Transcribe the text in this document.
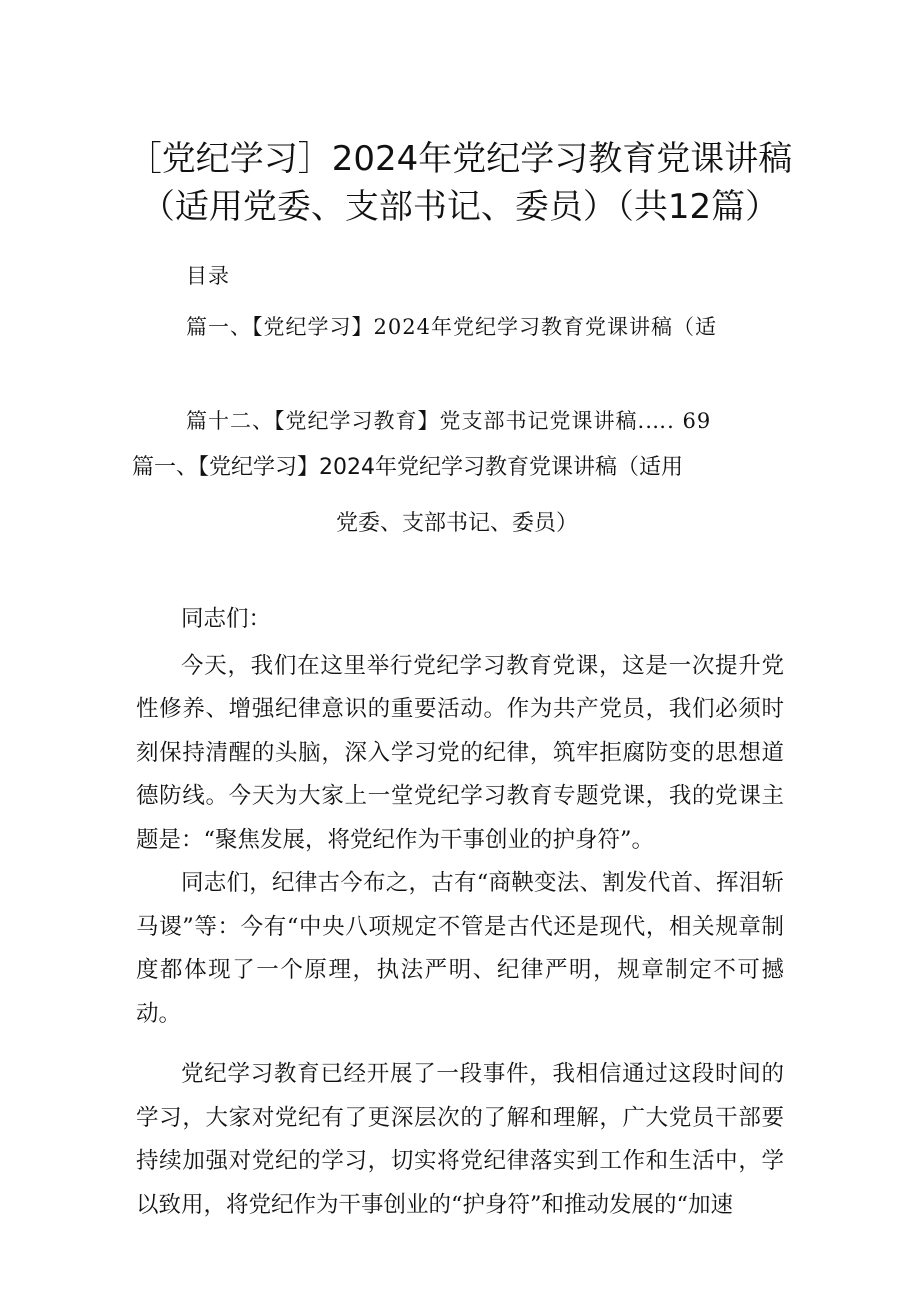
［党纪学习］2024年党纪学习教育党课讲稿
（适用党委、支部书记、委员）（共12篇）
目录
篇一、【党纪学习】2024年党纪学习教育党课讲稿（适
篇十二、【党纪学习教育】党支部书记党课讲稿.…. 69
篇一、【党纪学习】2024年党纪学习教育党课讲稿（适用
党委、支部书记、委员）

同志们：

今天，我们在这里举行党纪学习教育党课，这是一次提升党性修养、增强纪律意识的重要活动。作为共产党员，我们必须时刻保持清醒的头脑，深入学习党的纪律，筑牢拒腐防变的思想道德防线。今天为大家上一堂党纪学习教育专题党课，我的党课主题是：“聚焦发展，将党纪作为干事创业的护身符”。

同志们，纪律古今布之，古有“商鞅变法、割发代首、挥泪斩马谡”等：今有“中央八项规定不管是古代还是现代，相关规章制度都体现了一个原理，执法严明、纪律严明，规章制定不可撼动。

党纪学习教育已经开展了一段事件，我相信通过这段时间的学习，大家对党纪有了更深层次的了解和理解，广大党员干部要持续加强对党纪的学习，切实将党纪律落实到工作和生活中，学以致用，将党纪作为干事创业的“护身符”和推动发展的“加速
